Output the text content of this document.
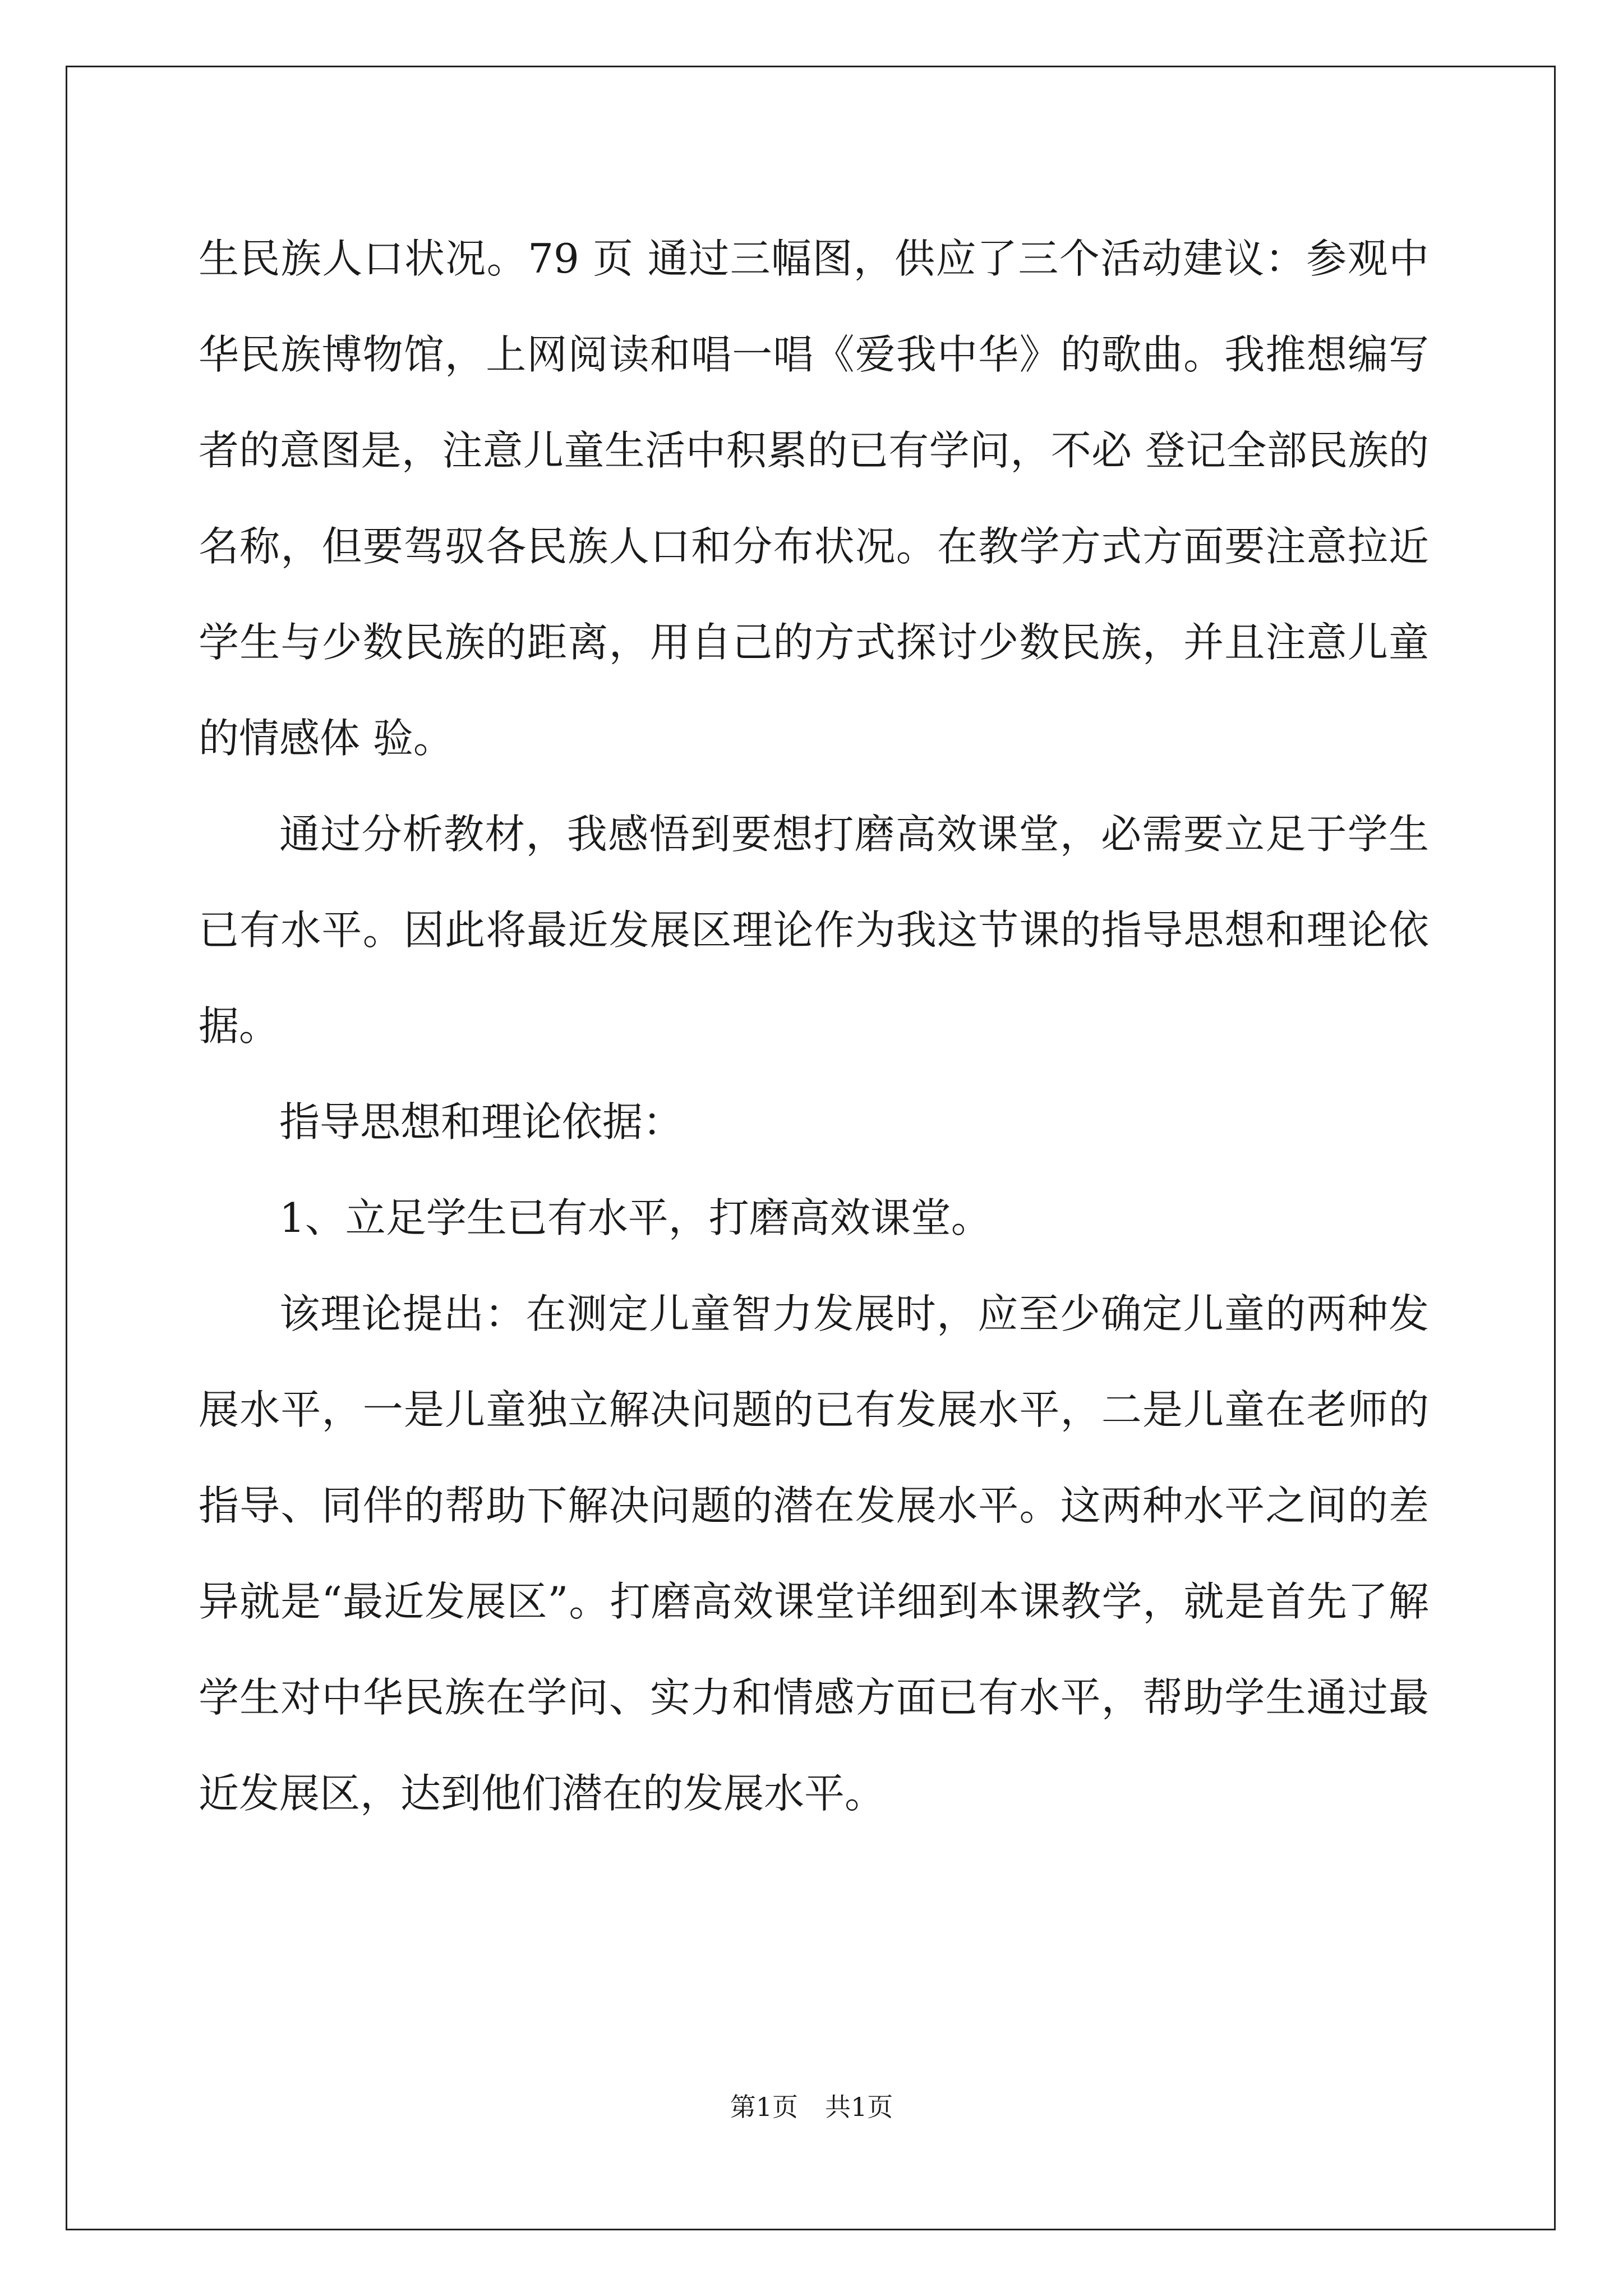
生民族人口状况。79 页 通过三幅图，供应了三个活动建议：参观中华民族博物馆，上网阅读和唱一唱《爱我中华》的歌曲。我推想编写者的意图是，注意儿童生活中积累的已有学问，不必 登记全部民族的名称，但要驾驭各民族人口和分布状况。在教学方式方面要注意拉近学生与少数民族的距离，用自己的方式探讨少数民族，并且注意儿童的情感体 验。

通过分析教材，我感悟到要想打磨高效课堂，必需要立足于学生已有水平。因此将最近发展区理论作为我这节课的指导思想和理论依据。

指导思想和理论依据：

1、立足学生已有水平，打磨高效课堂。

该理论提出：在测定儿童智力发展时，应至少确定儿童的两种发展水平，一是儿童独立解决问题的已有发展水平，二是儿童在老师的指导、同伴的帮助下解决问题的潜在发展水平。这两种水平之间的差异就是“最近发展区”。打磨高效课堂详细到本课教学，就是首先了解学生对中华民族在学问、实力和情感方面已有水平，帮助学生通过最近发展区，达到他们潜在的发展水平。

第1页 共1页
